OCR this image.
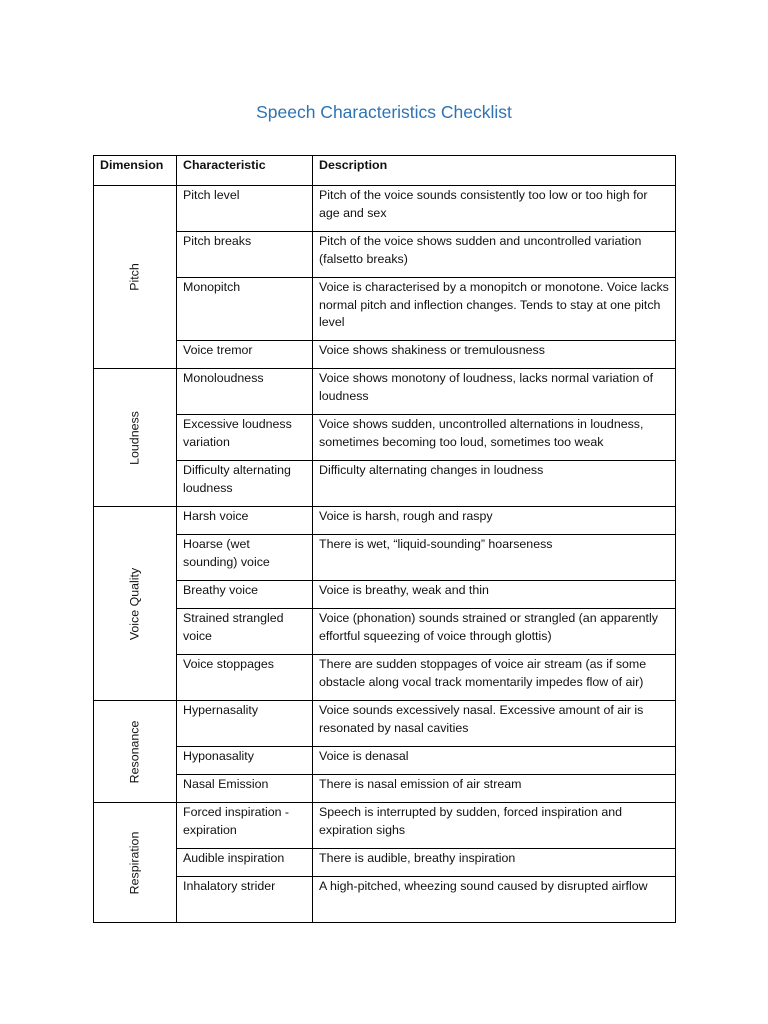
Speech Characteristics Checklist
Dimension	Characteristic	Description

Pitch	Pitch level	Pitch of the voice sounds consistently too low or too high for age and sex
	Pitch breaks	Pitch of the voice shows sudden and uncontrolled variation (falsetto breaks)
	Monopitch	Voice is characterised by a monopitch or monotone. Voice lacks normal pitch and inflection changes. Tends to stay at one pitch level
	Voice tremor	Voice shows shakiness or tremulousness

Loudness	Monoloudness	Voice shows monotony of loudness, lacks normal variation of loudness
	Excessive loudness variation	Voice shows sudden, uncontrolled alternations in loudness, sometimes becoming too loud, sometimes too weak
	Difficulty alternating loudness	Difficulty alternating changes in loudness

Voice Quality	Harsh voice	Voice is harsh, rough and raspy
	Hoarse (wet sounding) voice	There is wet, “liquid-sounding” hoarseness
	Breathy voice	Voice is breathy, weak and thin
	Strained strangled voice	Voice (phonation) sounds strained or strangled (an apparently effortful squeezing of voice through glottis)
	Voice stoppages	There are sudden stoppages of voice air stream (as if some obstacle along vocal track momentarily impedes flow of air)

Resonance	Hypernasality	Voice sounds excessively nasal. Excessive amount of air is resonated by nasal cavities
	Hyponasality	Voice is denasal
	Nasal Emission	There is nasal emission of air stream

Respiration	Forced inspiration - expiration	Speech is interrupted by sudden, forced inspiration and expiration sighs
	Audible inspiration	There is audible, breathy inspiration
	Inhalatory strider	A high-pitched, wheezing sound caused by disrupted airflow
